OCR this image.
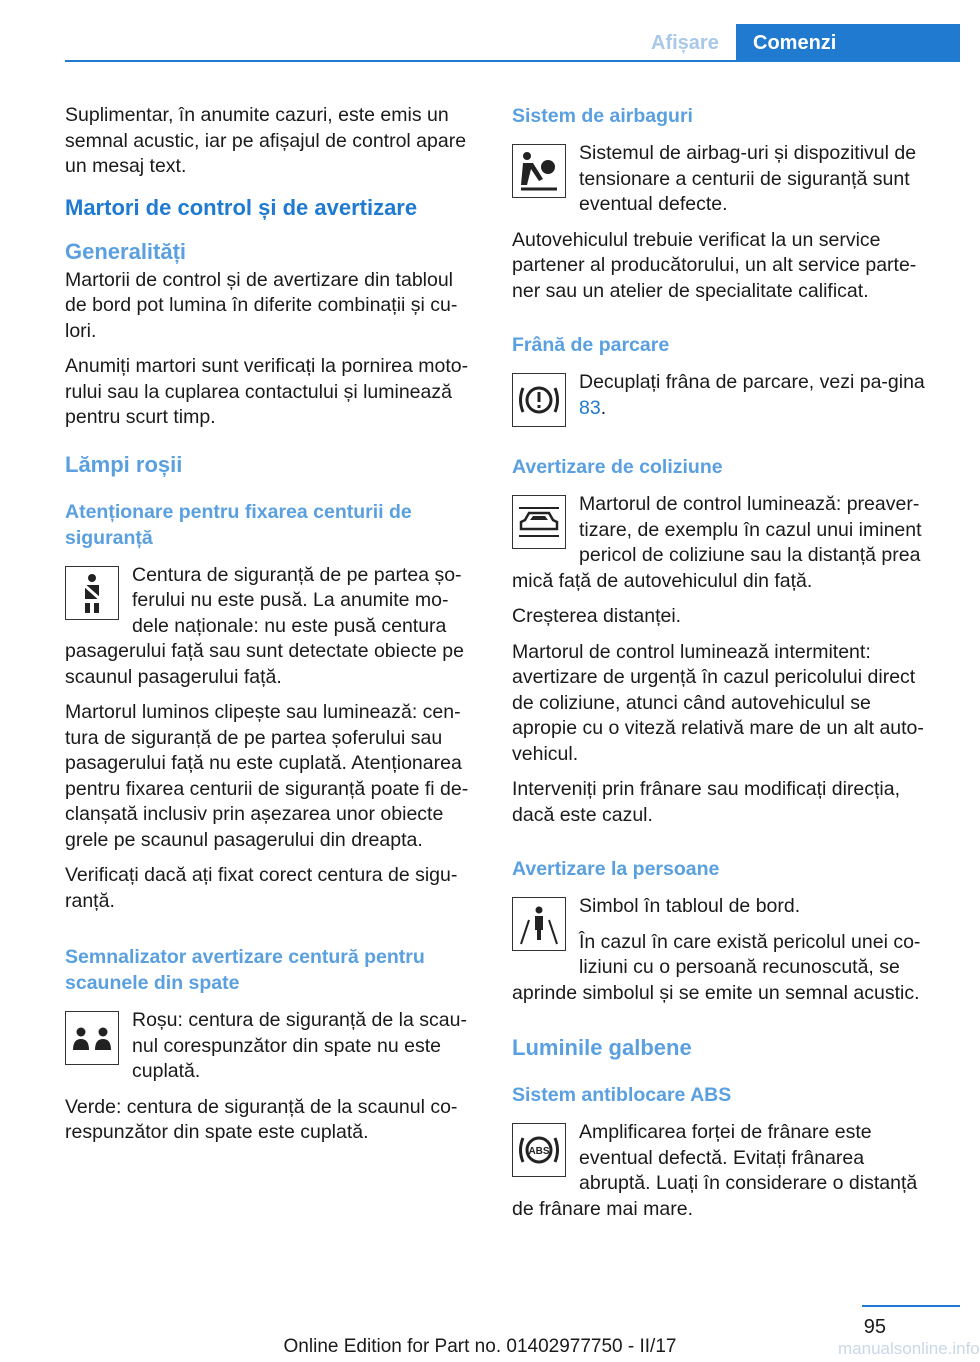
Afișare	Comenzi

Suplimentar, în anumite cazuri, este emis un semnal acustic, iar pe afișajul de control apare un mesaj text.

Martori de control și de avertizare
Generalități

Martorii de control și de avertizare din tabloul de bord pot lumina în diferite combinații și cu-lori.

Anumiți martori sunt verificați la pornirea moto-rului sau la cuplarea contactului și luminează pentru scurt timp.

Lămpi roșii
Atenționare pentru fixarea centurii de siguranță

Centura de siguranță de pe partea șo-ferului nu este pusă. La anumite mo-dele naționale: nu este pusă centura

pasagerului față sau sunt detectate obiecte pe scaunul pasagerului față.

Martorul luminos clipește sau luminează: cen-tura de siguranță de pe partea șoferului sau pasagerului față nu este cuplată. Atenționarea pentru fixarea centurii de siguranță poate fi de-clanșată inclusiv prin așezarea unor obiecte grele pe scaunul pasagerului din dreapta.

Verificați dacă ați fixat corect centura de sigu-ranță.

Semnalizator avertizare centură pentru scaunele din spate

Roșu: centura de siguranță de la scau-nul corespunzător din spate nu este cuplată.

Verde: centura de siguranță de la scaunul co-respunzător din spate este cuplată.

Sistem de airbaguri

Sistemul de airbag-uri și dispozitivul de tensionare a centurii de siguranță sunt eventual defecte.

Autovehiculul trebuie verificat la un service partener al producătorului, un alt service parte-ner sau un atelier de specialitate calificat.

Frână de parcare

Decuplați frâna de parcare, vezi pa-gina 83.

Avertizare de coliziune

Martorul de control luminează: preaver-tizare, de exemplu în cazul unui iminent pericol de coliziune sau la distanță prea

mică față de autovehiculul din față.

Creșterea distanței.

Martorul de control luminează intermitent: avertizare de urgență în cazul pericolului direct de coliziune, atunci când autovehiculul se apropie cu o viteză relativă mare de un alt auto-vehicul.

Interveniți prin frânare sau modificați direcția, dacă este cazul.

Avertizare la persoane

Simbol în tabloul de bord.

În cazul în care există pericolul unei co-liziuni cu o persoană recunoscută, se

aprinde simbolul și se emite un semnal acustic.

Luminile galbene
Sistem antiblocare ABS
ABS

Amplificarea forței de frânare este eventual defectă. Evitați frânarea abruptă. Luați în considerare o distanță

de frânare mai mare.

95
Online Edition for Part no. 01402977750 - II/17	manualsonline.info
